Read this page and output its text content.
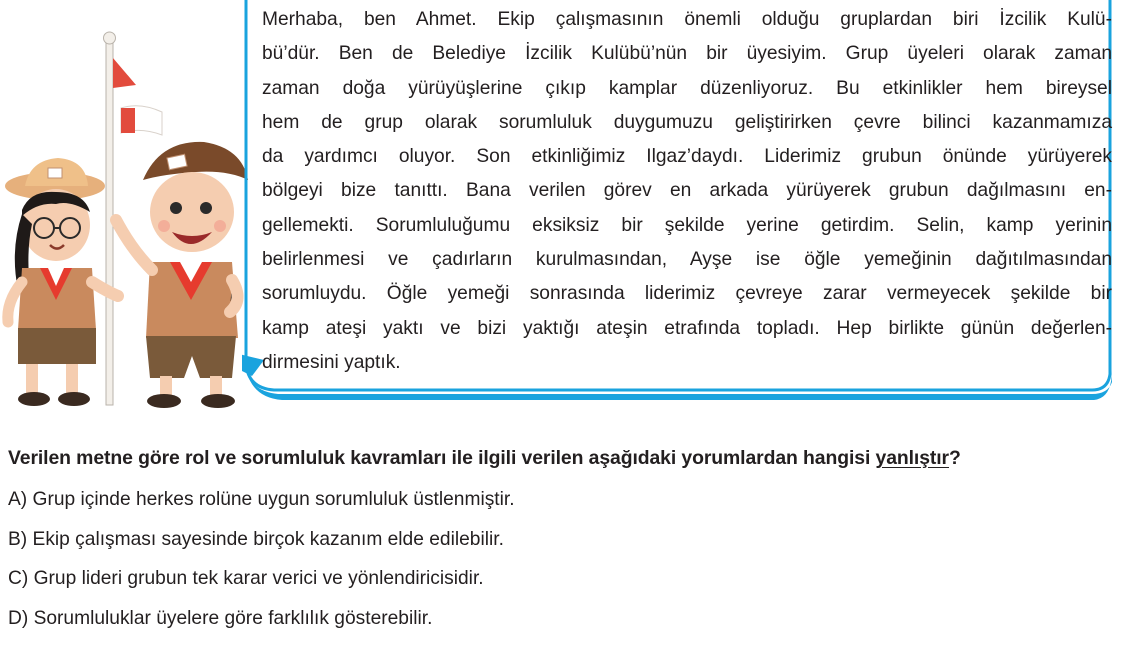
Merhaba, ben Ahmet. Ekip çalışmasının önemli olduğu gruplardan biri İzcilik Kulü-
bü’dür. Ben de Belediye İzcilik Kulübü’nün bir üyesiyim. Grup üyeleri olarak zaman
zaman doğa yürüyüşlerine çıkıp kamplar düzenliyoruz. Bu etkinlikler hem bireysel
hem de grup olarak sorumluluk duygumuzu geliştirirken çevre bilinci kazanmamıza
da yardımcı oluyor. Son etkinliğimiz Ilgaz’daydı. Liderimiz grubun önünde yürüyerek
bölgeyi bize tanıttı. Bana verilen görev en arkada yürüyerek grubun dağılmasını en-
gellemekti. Sorumluluğumu eksiksiz bir şekilde yerine getirdim. Selin, kamp yerinin
belirlenmesi ve çadırların kurulmasından, Ayşe ise öğle yemeğinin dağıtılmasından
sorumluydu. Öğle yemeği sonrasında liderimiz çevreye zarar vermeyecek şekilde bir
kamp ateşi yaktı ve bizi yaktığı ateşin etrafında topladı. Hep birlikte günün değerlen-
dirmesini yaptık.

Verilen metne göre rol ve sorumluluk kavramları ile ilgili verilen aşağıdaki yorumlardan hangisi yanlıştır?

A) Grup içinde herkes rolüne uygun sorumluluk üstlenmiştir.
B) Ekip çalışması sayesinde birçok kazanım elde edilebilir.
C) Grup lideri grubun tek karar verici ve yönlendiricisidir.
D) Sorumluluklar üyelere göre farklılık gösterebilir.
